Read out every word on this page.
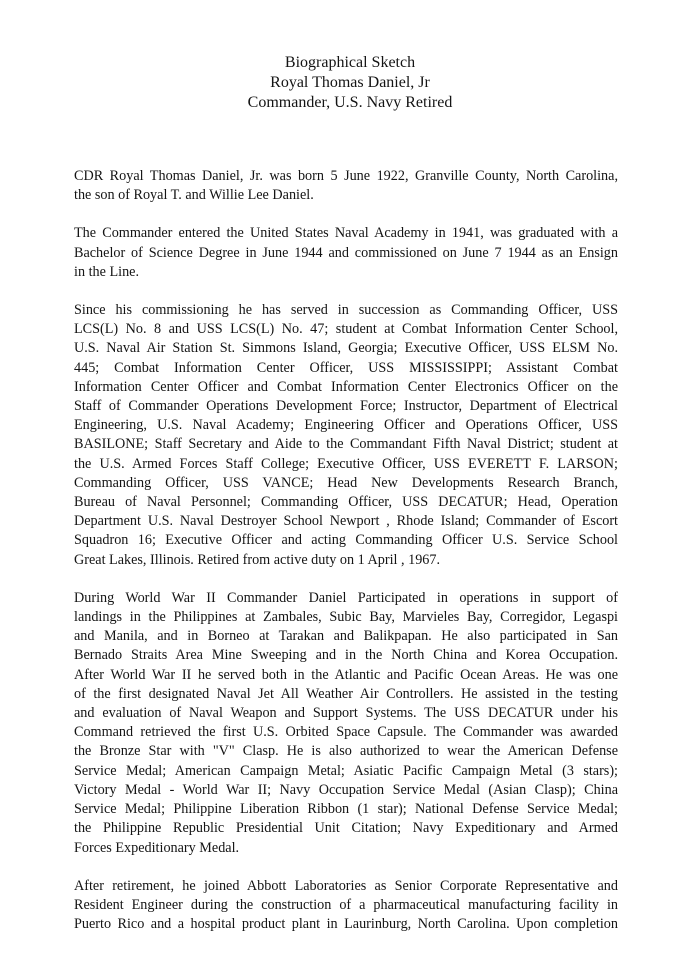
Biographical Sketch
Royal Thomas Daniel, Jr
Commander, U.S. Navy Retired
CDR Royal Thomas Daniel, Jr. was born 5 June 1922, Granville County, North Carolina,
the son of Royal T. and Willie Lee Daniel.
The Commander entered the United States Naval Academy in 1941, was graduated with a
Bachelor of Science Degree in June 1944 and commissioned on June 7 1944 as an Ensign
in the Line.
Since his commissioning he has served in succession as Commanding Officer, USS
LCS(L) No. 8 and USS LCS(L) No. 47; student at Combat Information Center School,
U.S. Naval Air Station St. Simmons Island, Georgia; Executive Officer, USS ELSM No.
445; Combat Information Center Officer, USS MISSISSIPPI; Assistant Combat
Information Center Officer and Combat Information Center Electronics Officer on the
Staff of Commander Operations Development Force; Instructor, Department of Electrical
Engineering, U.S. Naval Academy; Engineering Officer and Operations Officer, USS
BASILONE; Staff Secretary and Aide to the Commandant Fifth Naval District; student at
the U.S. Armed Forces Staff College; Executive Officer, USS EVERETT F. LARSON;
Commanding Officer, USS VANCE; Head New Developments Research Branch,
Bureau of Naval Personnel; Commanding Officer, USS DECATUR; Head, Operation
Department U.S. Naval Destroyer School Newport , Rhode Island; Commander of Escort
Squadron 16; Executive Officer and acting Commanding Officer U.S. Service School
Great Lakes, Illinois. Retired from active duty on 1 April , 1967.
During World War II Commander Daniel Participated in operations in support of
landings in the Philippines at Zambales, Subic Bay, Marvieles Bay, Corregidor, Legaspi
and Manila, and in Borneo at Tarakan and Balikpapan. He also participated in San
Bernado Straits Area Mine Sweeping and in the North China and Korea Occupation.
After World War II he served both in the Atlantic and Pacific Ocean Areas. He was one
of the first designated Naval Jet All Weather Air Controllers. He assisted in the testing
and evaluation of Naval Weapon and Support Systems. The USS DECATUR under his
Command retrieved the first U.S. Orbited Space Capsule. The Commander was awarded
the Bronze Star with "V" Clasp. He is also authorized to wear the American Defense
Service Medal; American Campaign Metal; Asiatic Pacific Campaign Metal (3 stars);
Victory Medal - World War II; Navy Occupation Service Medal (Asian Clasp); China
Service Medal; Philippine Liberation Ribbon (1 star); National Defense Service Medal;
the Philippine Republic Presidential Unit Citation; Navy Expeditionary and Armed
Forces Expeditionary Medal.
After retirement, he joined Abbott Laboratories as Senior Corporate Representative and
Resident Engineer during the construction of a pharmaceutical manufacturing facility in
Puerto Rico and a hospital product plant in Laurinburg, North Carolina. Upon completion
